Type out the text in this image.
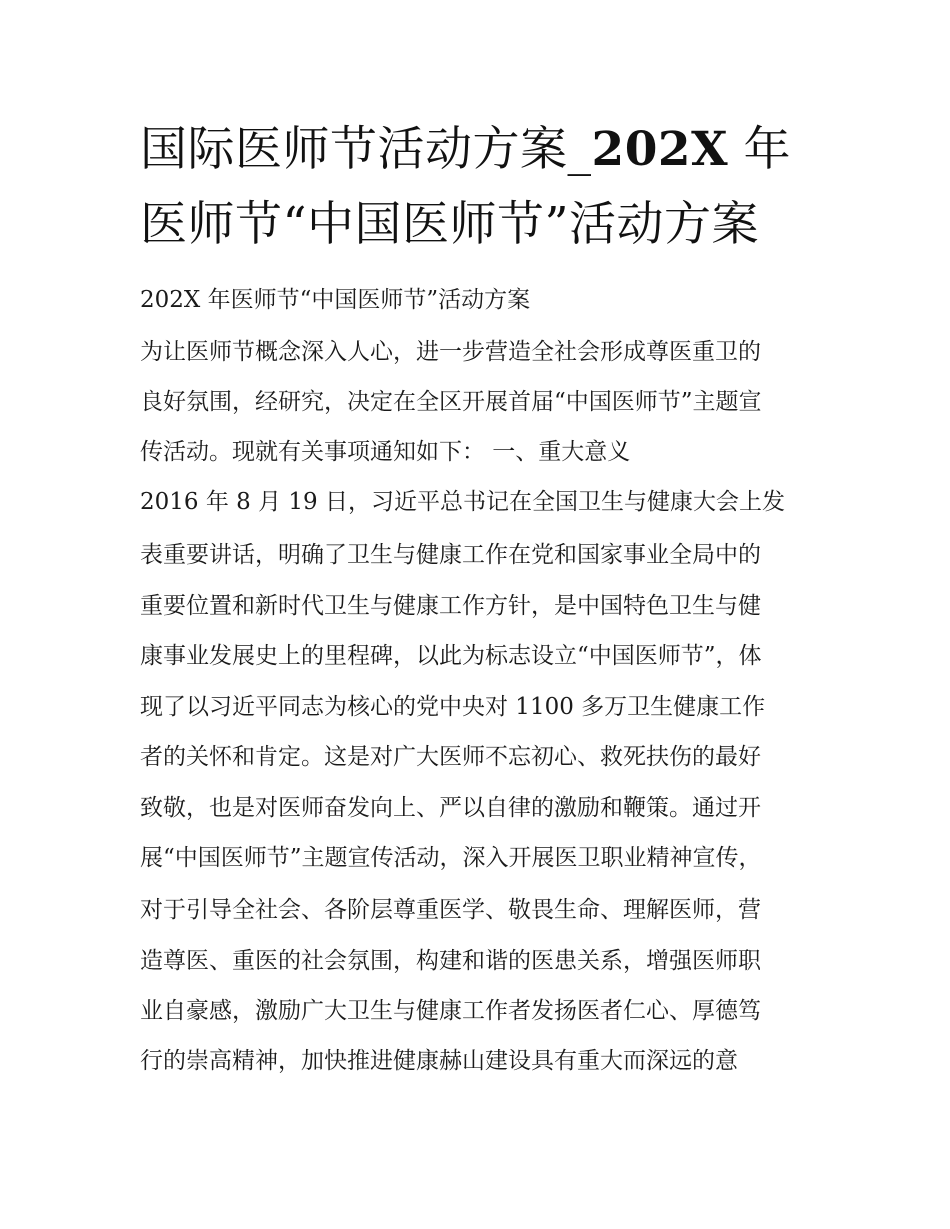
国际医师节活动方案_202X 年
医师节“中国医师节”活动方案

202X 年医师节“中国医师节”活动方案

为让医师节概念深入人心，进一步营造全社会形成尊医重卫的

良好氛围，经研究，决定在全区开展首届“中国医师节”主题宣

传活动。现就有关事项通知如下： 一、重大意义

2016 年 8 月 19 日，习近平总书记在全国卫生与健康大会上发

表重要讲话，明确了卫生与健康工作在党和国家事业全局中的

重要位置和新时代卫生与健康工作方针，是中国特色卫生与健

康事业发展史上的里程碑，以此为标志设立“中国医师节”，体

现了以习近平同志为核心的党中央对 1100 多万卫生健康工作

者的关怀和肯定。这是对广大医师不忘初心、救死扶伤的最好

致敬，也是对医师奋发向上、严以自律的激励和鞭策。通过开

展“中国医师节”主题宣传活动，深入开展医卫职业精神宣传，

对于引导全社会、各阶层尊重医学、敬畏生命、理解医师，营

造尊医、重医的社会氛围，构建和谐的医患关系，增强医师职

业自豪感，激励广大卫生与健康工作者发扬医者仁心、厚德笃

行的崇高精神，加快推进健康赫山建设具有重大而深远的意
